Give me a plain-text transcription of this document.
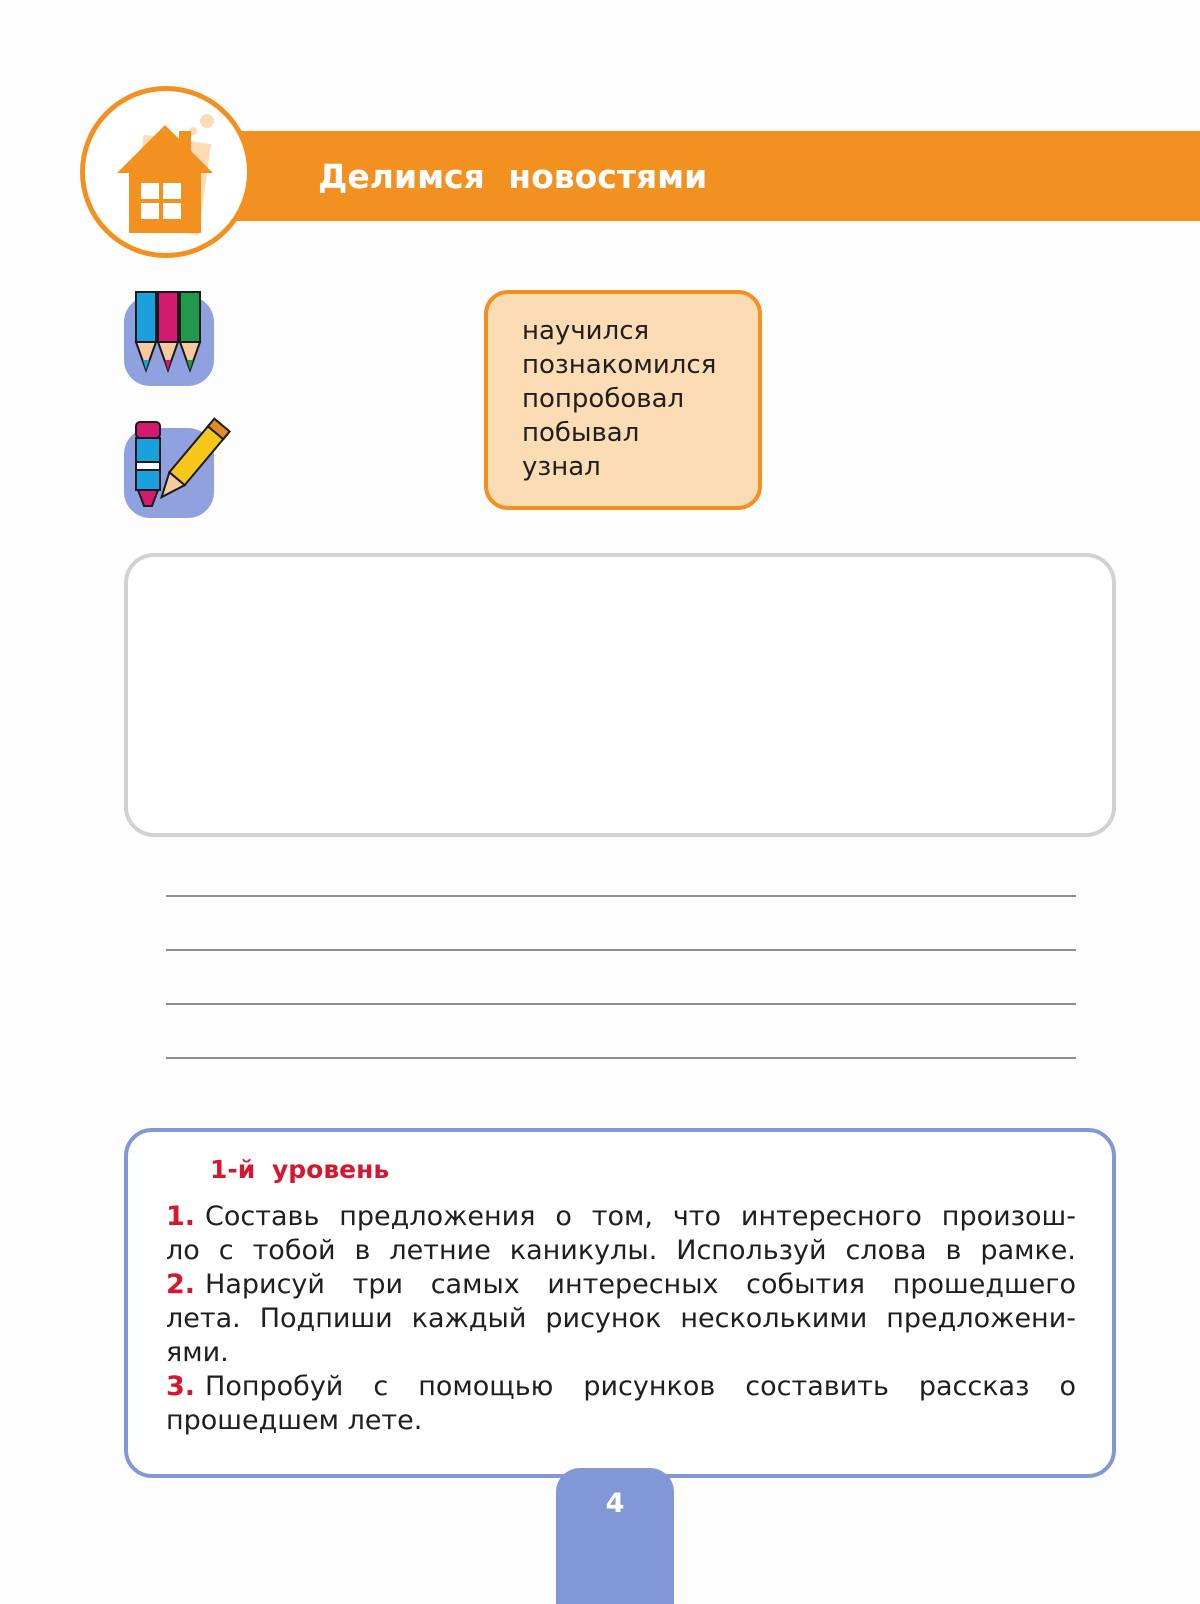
Делимся новостями
научился
познакомился
попробовал
побывал
узнал
1-й уровень
1. Составь предложения о том, что интересного произош-
ло с тобой в летние каникулы. Используй слова в рамке.
2. Нарисуй три самых интересных события прошедшего
лета. Подпиши каждый рисунок несколькими предложени-
ями.
3. Попробуй с помощью рисунков составить рассказ о
прошедшем лете.
4
